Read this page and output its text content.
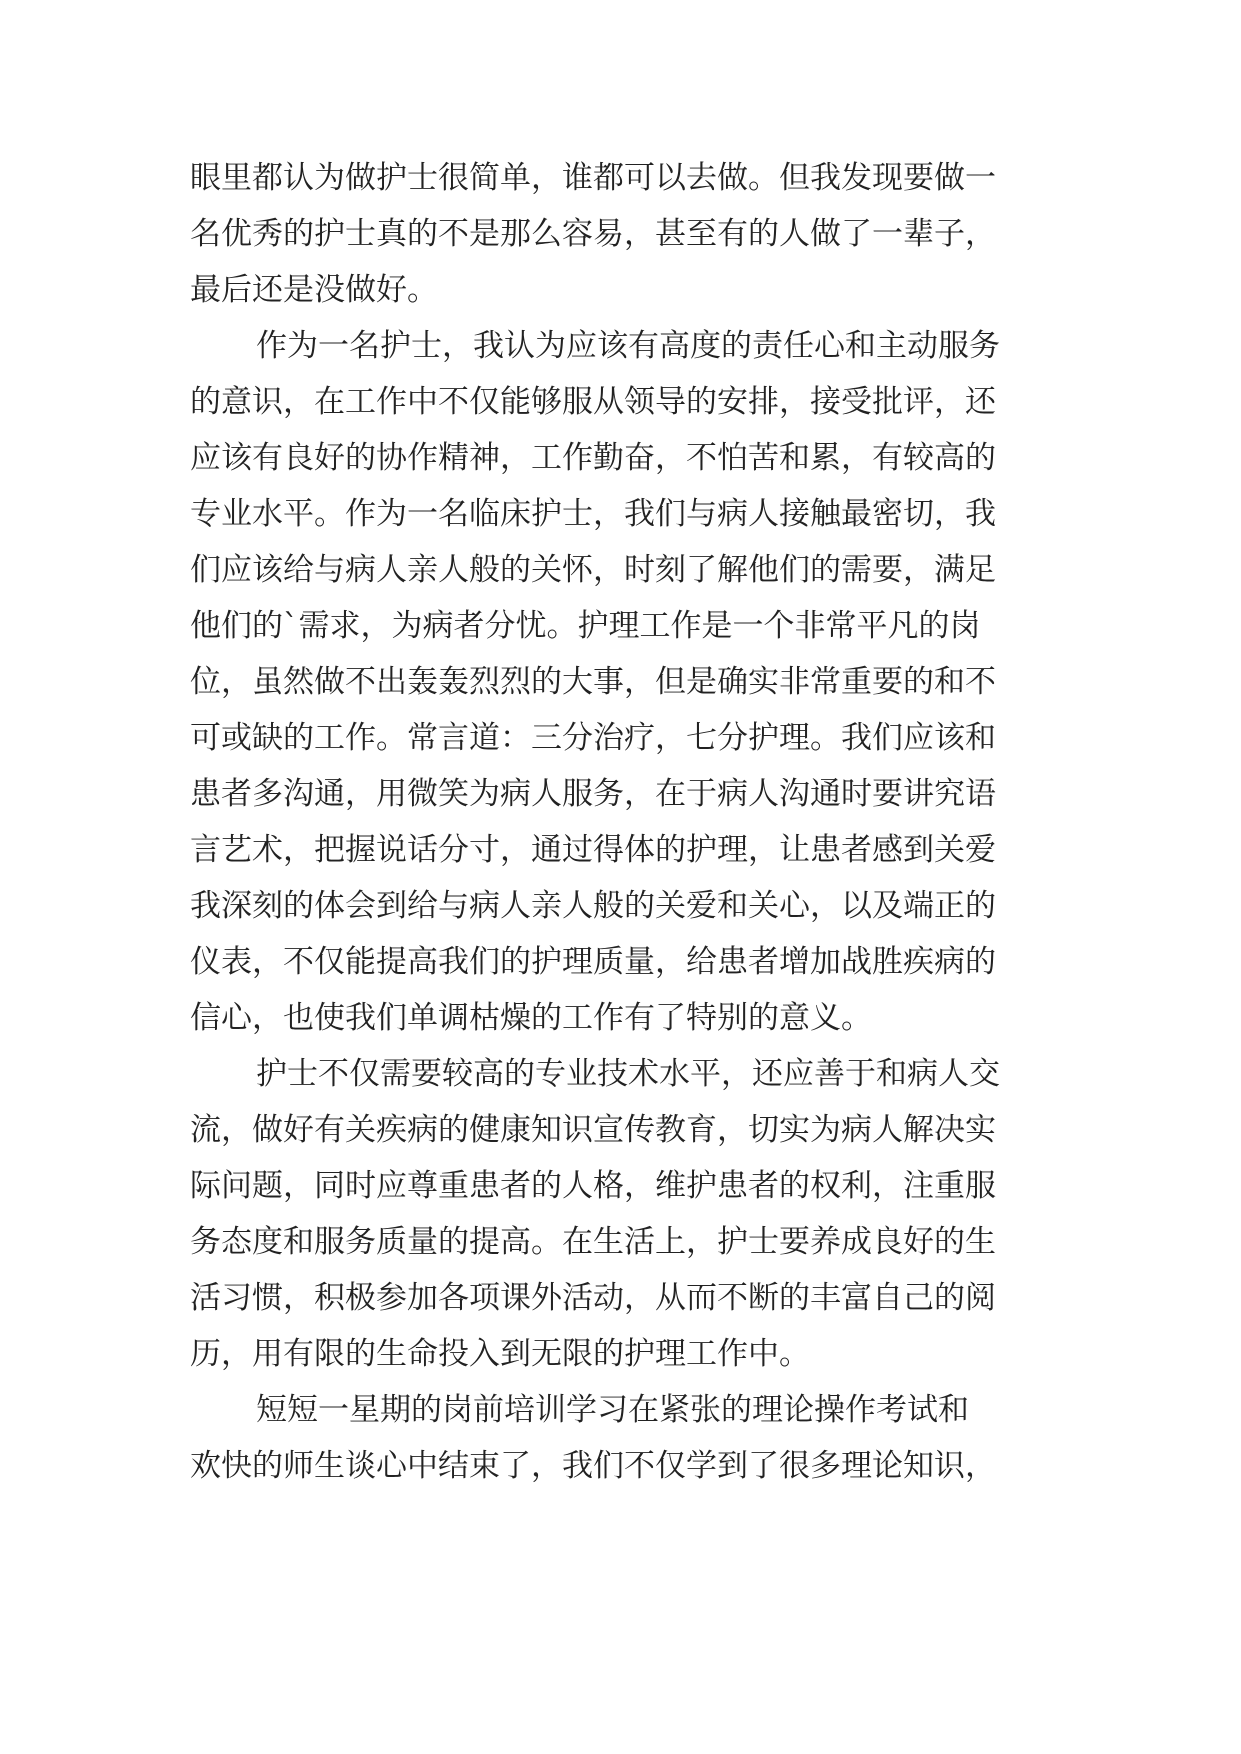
眼里都认为做护士很简单，谁都可以去做。但我发现要做一
名优秀的护士真的不是那么容易，甚至有的人做了一辈子，
最后还是没做好。
作为一名护士，我认为应该有高度的责任心和主动服务
的意识，在工作中不仅能够服从领导的安排，接受批评，还
应该有良好的协作精神，工作勤奋，不怕苦和累，有较高的
专业水平。作为一名临床护士，我们与病人接触最密切，我
们应该给与病人亲人般的关怀，时刻了解他们的需要，满足
他们的`需求，为病者分忧。护理工作是一个非常平凡的岗
位，虽然做不出轰轰烈烈的大事，但是确实非常重要的和不
可或缺的工作。常言道：三分治疗，七分护理。我们应该和
患者多沟通，用微笑为病人服务，在于病人沟通时要讲究语
言艺术，把握说话分寸，通过得体的护理，让患者感到关爱
我深刻的体会到给与病人亲人般的关爱和关心，以及端正的
仪表，不仅能提高我们的护理质量，给患者增加战胜疾病的
信心，也使我们单调枯燥的工作有了特别的意义。
护士不仅需要较高的专业技术水平，还应善于和病人交
流，做好有关疾病的健康知识宣传教育，切实为病人解决实
际问题，同时应尊重患者的人格，维护患者的权利，注重服
务态度和服务质量的提高。在生活上，护士要养成良好的生
活习惯，积极参加各项课外活动，从而不断的丰富自己的阅
历，用有限的生命投入到无限的护理工作中。
短短一星期的岗前培训学习在紧张的理论操作考试和
欢快的师生谈心中结束了，我们不仅学到了很多理论知识，
